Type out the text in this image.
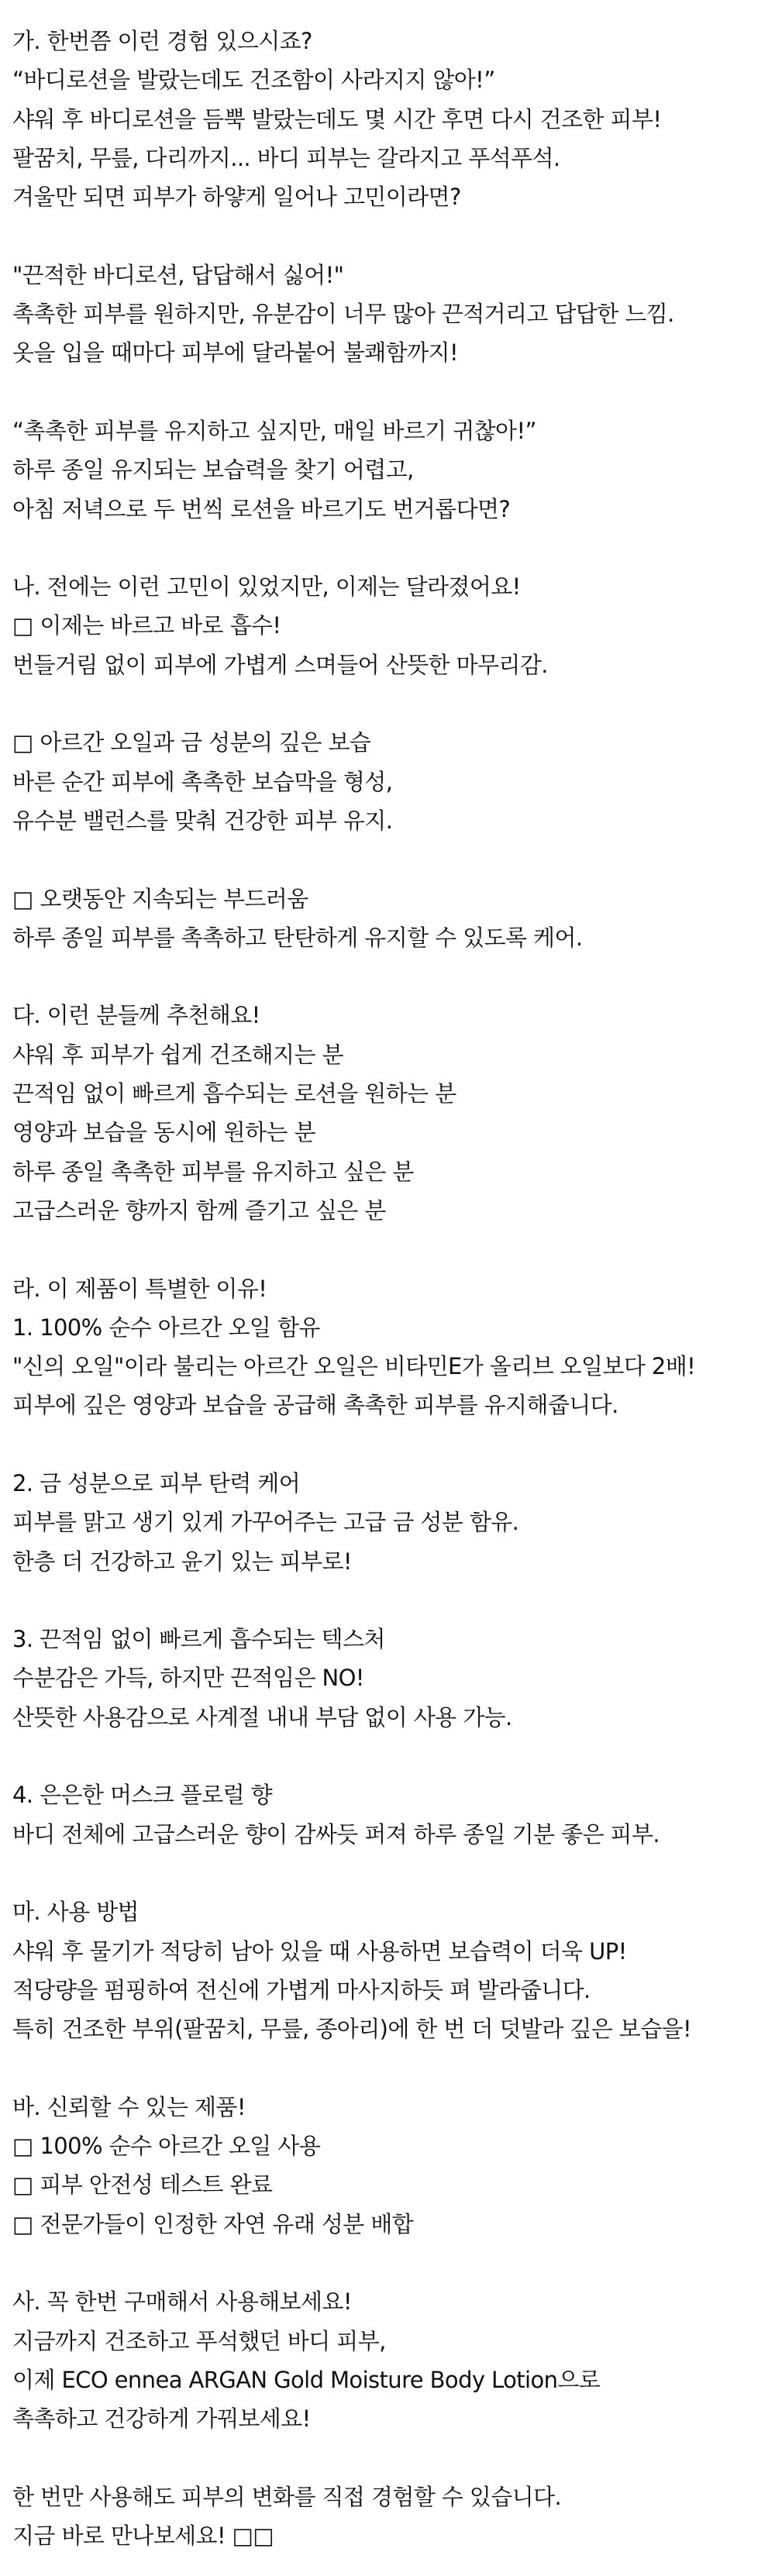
가. 한번쯤 이런 경험 있으시죠?
“바디로션을 발랐는데도 건조함이 사라지지 않아!”
샤워 후 바디로션을 듬뿍 발랐는데도 몇 시간 후면 다시 건조한 피부!
팔꿈치, 무릎, 다리까지... 바디 피부는 갈라지고 푸석푸석.
겨울만 되면 피부가 하얗게 일어나 고민이라면?
"끈적한 바디로션, 답답해서 싫어!"
촉촉한 피부를 원하지만, 유분감이 너무 많아 끈적거리고 답답한 느낌.
옷을 입을 때마다 피부에 달라붙어 불쾌함까지!
“촉촉한 피부를 유지하고 싶지만, 매일 바르기 귀찮아!”
하루 종일 유지되는 보습력을 찾기 어렵고,
아침 저녁으로 두 번씩 로션을 바르기도 번거롭다면?
나. 전에는 이런 고민이 있었지만, 이제는 달라졌어요!
□ 이제는 바르고 바로 흡수!
번들거림 없이 피부에 가볍게 스며들어 산뜻한 마무리감.
□ 아르간 오일과 금 성분의 깊은 보습
바른 순간 피부에 촉촉한 보습막을 형성,
유수분 밸런스를 맞춰 건강한 피부 유지.
□ 오랫동안 지속되는 부드러움
하루 종일 피부를 촉촉하고 탄탄하게 유지할 수 있도록 케어.
다. 이런 분들께 추천해요!
샤워 후 피부가 쉽게 건조해지는 분
끈적임 없이 빠르게 흡수되는 로션을 원하는 분
영양과 보습을 동시에 원하는 분
하루 종일 촉촉한 피부를 유지하고 싶은 분
고급스러운 향까지 함께 즐기고 싶은 분
라. 이 제품이 특별한 이유!
1. 100% 순수 아르간 오일 함유
"신의 오일"이라 불리는 아르간 오일은 비타민E가 올리브 오일보다 2배!
피부에 깊은 영양과 보습을 공급해 촉촉한 피부를 유지해줍니다.
2. 금 성분으로 피부 탄력 케어
피부를 맑고 생기 있게 가꾸어주는 고급 금 성분 함유.
한층 더 건강하고 윤기 있는 피부로!
3. 끈적임 없이 빠르게 흡수되는 텍스처
수분감은 가득, 하지만 끈적임은 NO!
산뜻한 사용감으로 사계절 내내 부담 없이 사용 가능.
4. 은은한 머스크 플로럴 향
바디 전체에 고급스러운 향이 감싸듯 퍼져 하루 종일 기분 좋은 피부.
마. 사용 방법
샤워 후 물기가 적당히 남아 있을 때 사용하면 보습력이 더욱 UP!
적당량을 펌핑하여 전신에 가볍게 마사지하듯 펴 발라줍니다.
특히 건조한 부위(팔꿈치, 무릎, 종아리)에 한 번 더 덧발라 깊은 보습을!
바. 신뢰할 수 있는 제품!
□ 100% 순수 아르간 오일 사용
□ 피부 안전성 테스트 완료
□ 전문가들이 인정한 자연 유래 성분 배합
사. 꼭 한번 구매해서 사용해보세요!
지금까지 건조하고 푸석했던 바디 피부,
이제 ECO ennea ARGAN Gold Moisture Body Lotion으로
촉촉하고 건강하게 가꿔보세요!
한 번만 사용해도 피부의 변화를 직접 경험할 수 있습니다.
지금 바로 만나보세요! □□
